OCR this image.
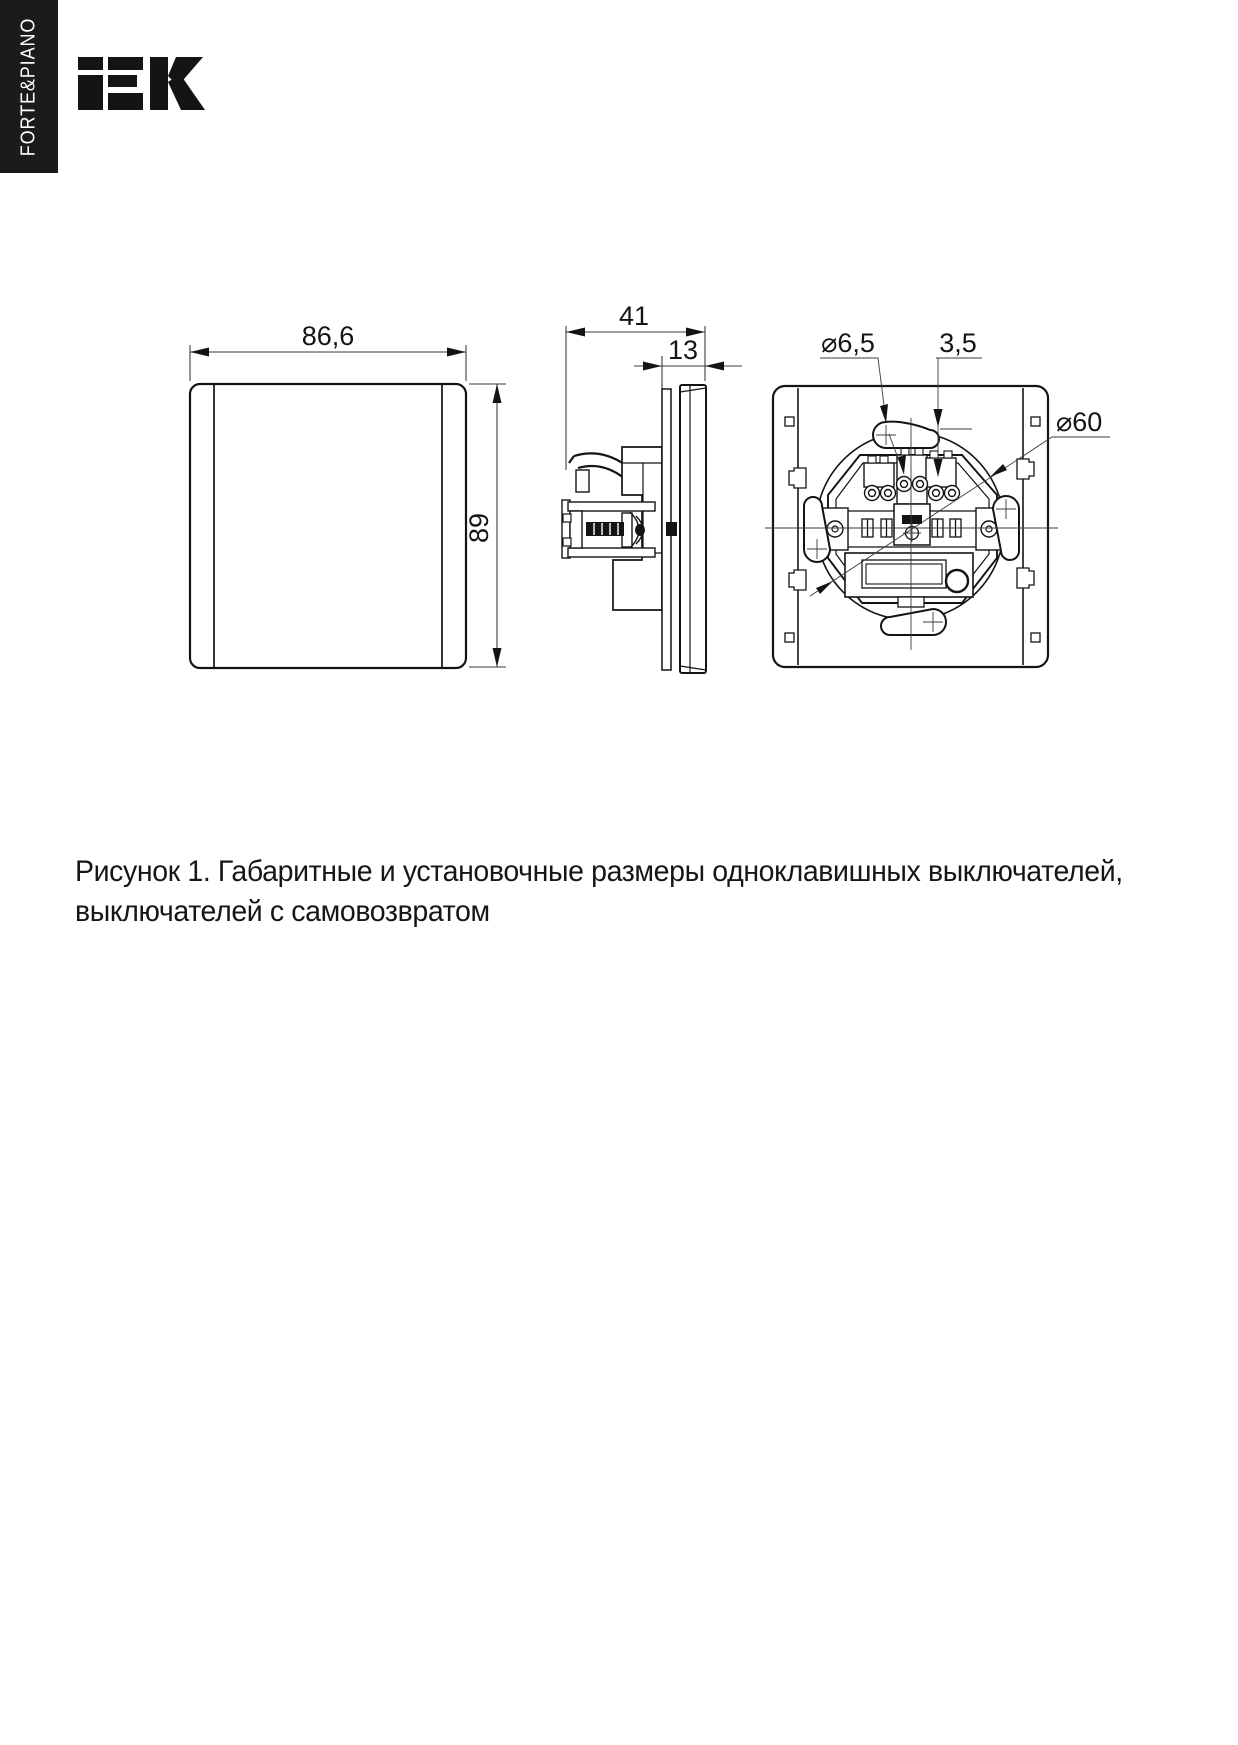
FORTE&PIANO
86,6
89
41
13
⌀60
⌀6,5 3,5
Рисунок 1. Габаритные и установочные размеры одноклавишных выключателей,
выключателей с самовозвратом
